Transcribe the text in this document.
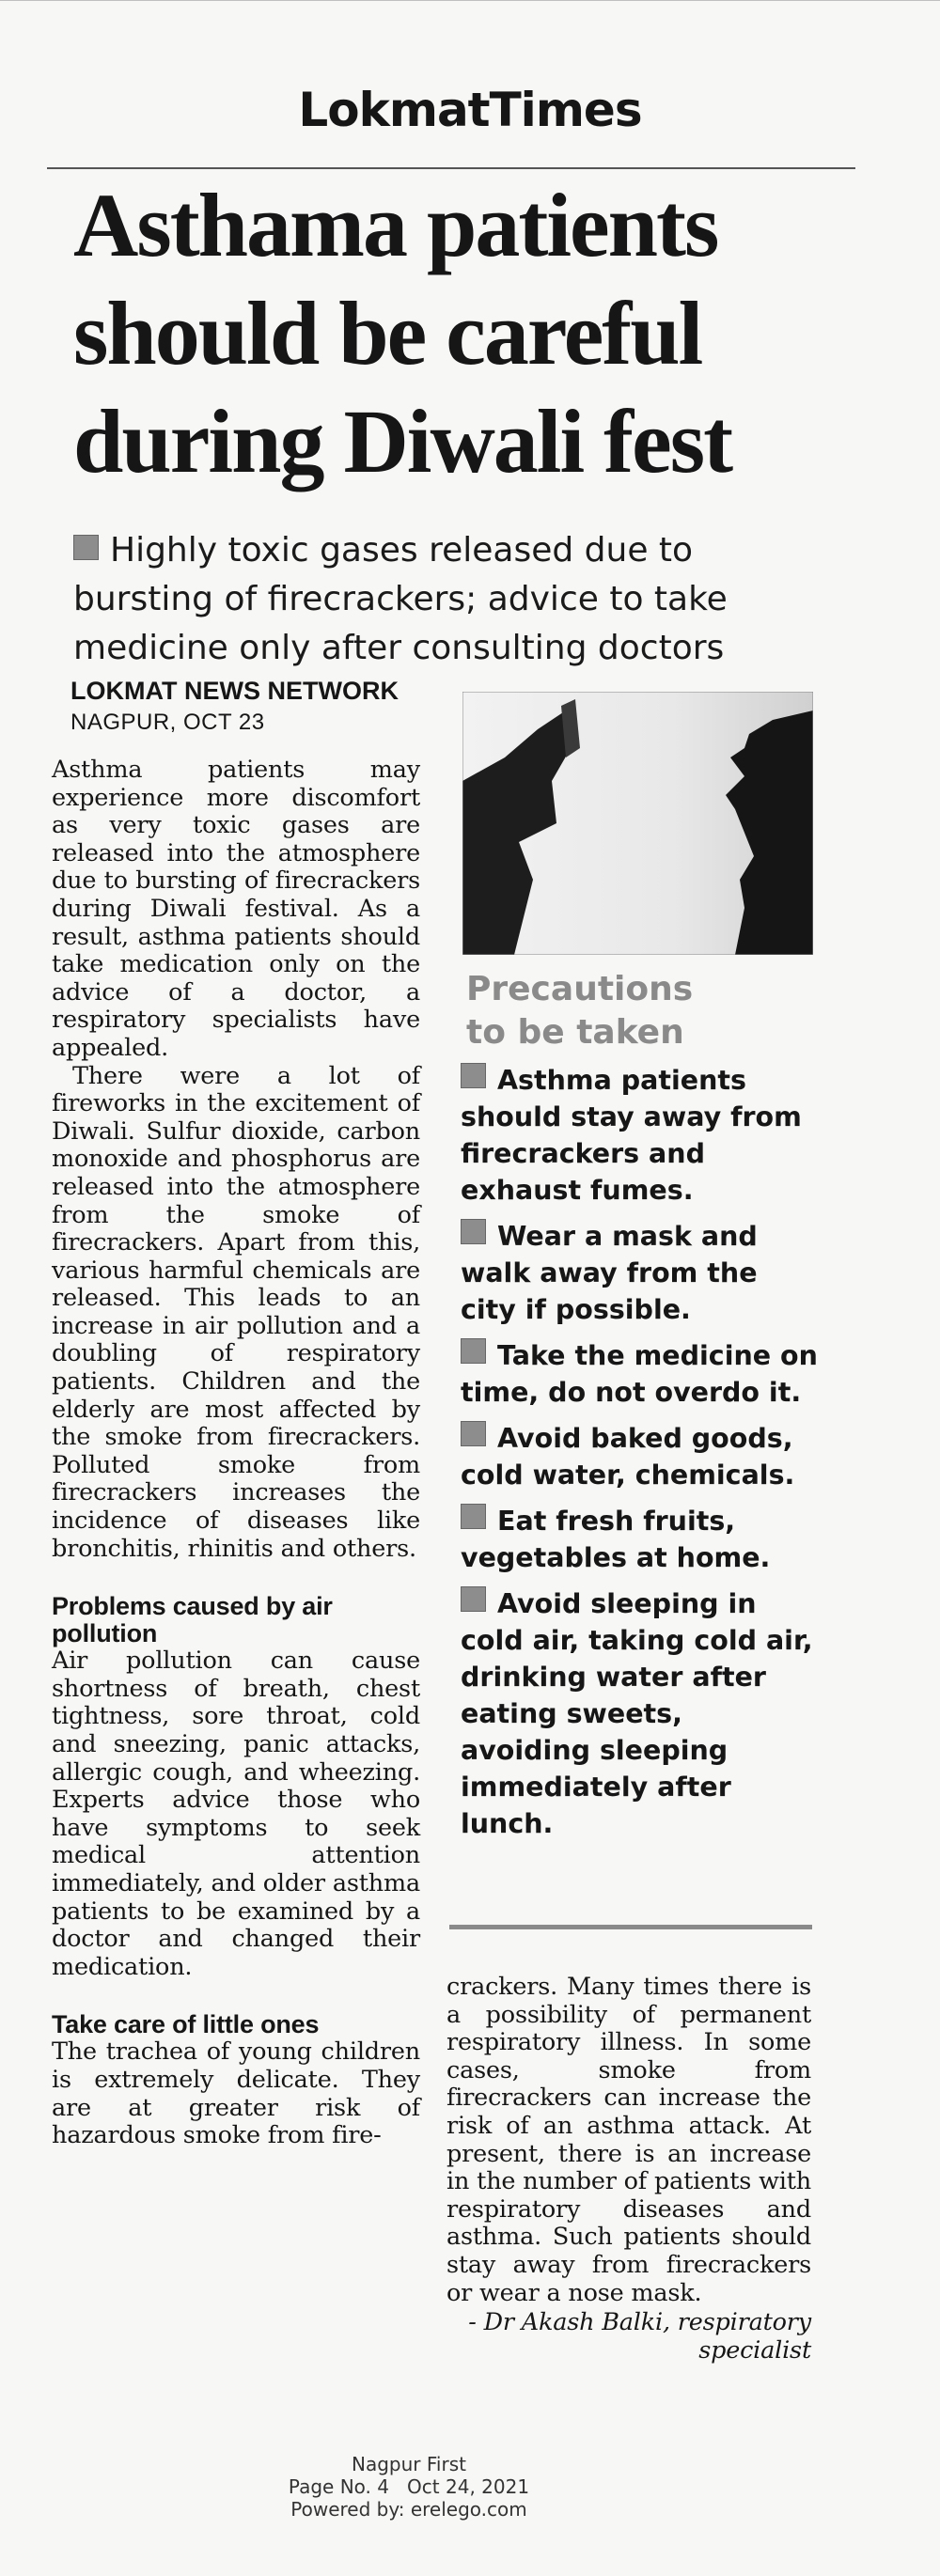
LokmatTimes
Asthama patients
should be careful
during Diwali fest
Highly toxic gases released due to
bursting of firecrackers; advice to take
medicine only after consulting doctors
LOKMAT NEWS NETWORK
NAGPUR, OCT 23

Asthma patients may experience more discomfort as very toxic gases are released into the atmosphere due to bursting of firecrackers during Diwali festival. As a result, asthma patients should take medication only on the advice of a doctor, a respiratory specialists have appealed.

There were a lot of fireworks in the excitement of Diwali. Sulfur dioxide, carbon monoxide and phosphorus are released into the atmosphere from the smoke of firecrackers. Apart from this, various harmful chemicals are released. This leads to an increase in air pollution and a doubling of respiratory patients. Children and the elderly are most affected by the smoke from firecrackers. Polluted smoke from firecrackers increases the incidence of diseases like bronchitis, rhinitis and others.

Problems caused by air pollution

Air pollution can cause shortness of breath, chest tightness, sore throat, cold and sneezing, panic attacks, allergic cough, and wheezing. Experts advice those who have symptoms to seek medical attention immediately, and older asthma patients to be examined by a doctor and changed their medication.

Take care of little ones

The trachea of young children is extremely delicate. They are at greater risk of hazardous smoke from fire-

Precautions
to be taken
Asthma patients should stay away from firecrackers and exhaust fumes.
Wear a mask and walk away from the city if possible.
Take the medicine on time, do not overdo it.
Avoid baked goods, cold water, chemicals.
Eat fresh fruits, vegetables at home.
Avoid sleeping in cold air, taking cold air, drinking water after eating sweets, avoiding sleeping immediately after lunch.

crackers. Many times there is a possibility of permanent respiratory illness. In some cases, smoke from firecrackers can increase the risk of an asthma attack. At present, there is an increase in the number of patients with respiratory diseases and asthma. Such patients should stay away from firecrackers or wear a nose mask.

- Dr Akash Balki, respiratory specialist
Nagpur First
Page No. 4   Oct 24, 2021
Powered by: erelego.com
